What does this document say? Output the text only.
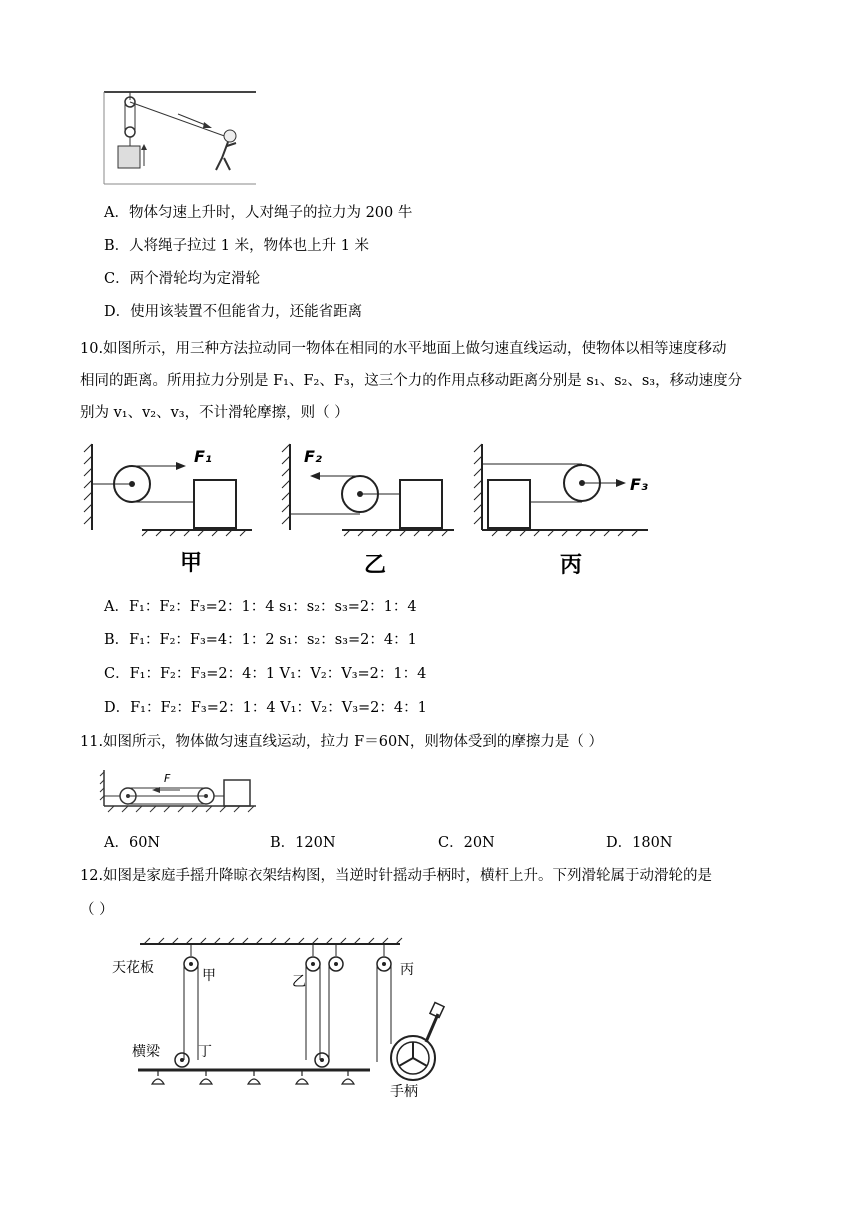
A．物体匀速上升时，人对绳子的拉力为 200 牛
B．人将绳子拉过 1 米，物体也上升 1 米
C．两个滑轮均为定滑轮
D．使用该装置不但能省力，还能省距离
10.如图所示，用三种方法拉动同一物体在相同的水平地面上做匀速直线运动，使物体以相等速度移动
相同的距离。所用拉力分别是 F₁、F₂、F₃，这三个力的作用点移动距离分别是 s₁、s₂、s₃，移动速度分
别为 v₁、v₂、v₃，不计滑轮摩擦，则（ ）
F₁
甲
F₂
乙
F₃
丙
A．F₁：F₂：F₃=2：1：4 s₁：s₂：s₃=2：1：4
B．F₁：F₂：F₃=4：1：2 s₁：s₂：s₃=2：4：1
C．F₁：F₂：F₃=2：4：1 V₁：V₂：V₃=2：1：4
D．F₁：F₂：F₃=2：1：4 V₁：V₂：V₃=2：4：1
11.如图所示，物体做匀速直线运动，拉力 F＝60N，则物体受到的摩擦力是（ ）
F
A．60N	B．120N	C．20N	D．180N
12.如图是家庭手摇升降晾衣架结构图，当逆时针摇动手柄时，横杆上升。下列滑轮属于动滑轮的是
（ ）
天花板	甲	乙
丙
丁
横梁
手柄
